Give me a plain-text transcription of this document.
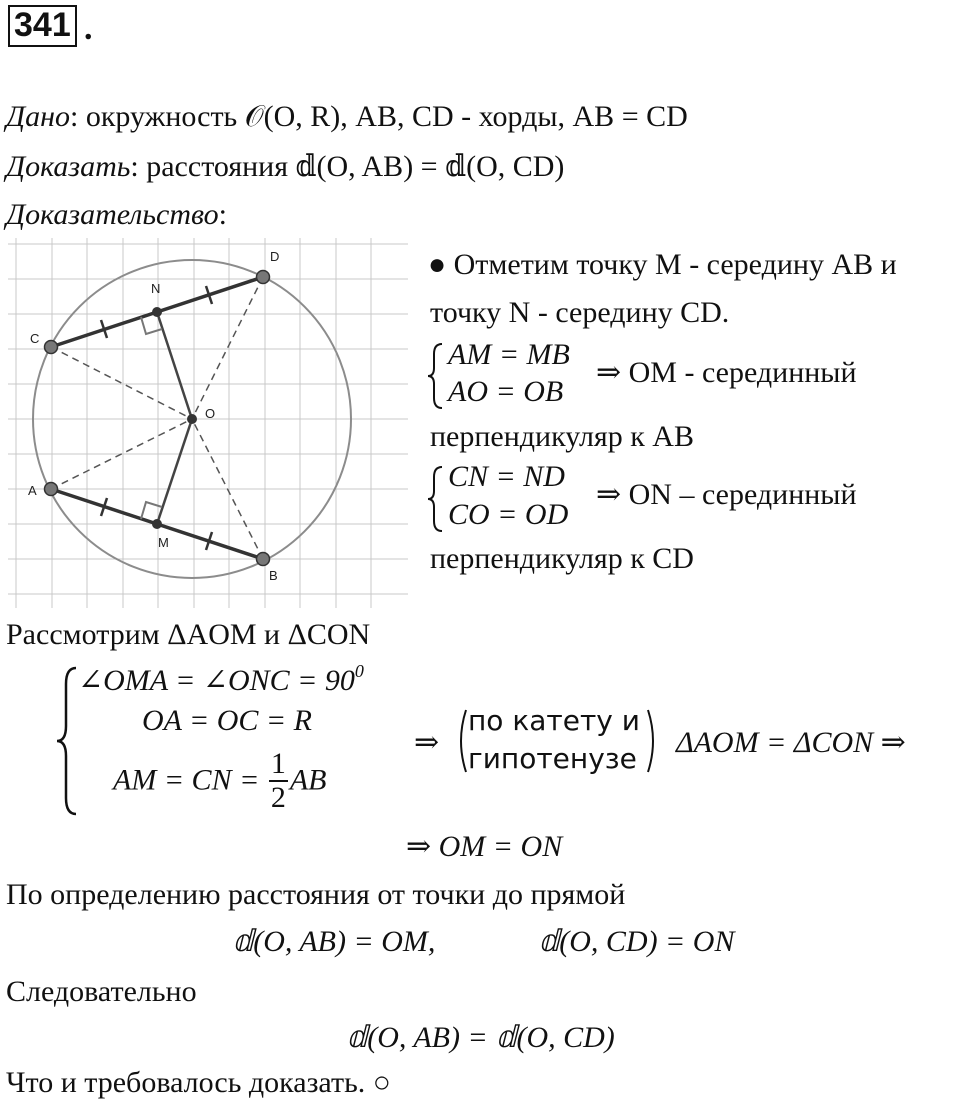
341 .
Дано: окружность 𝒪(O, R), AB, CD - хорды, AB = CD
Доказать: расстояния 𝕕(O, AB) = 𝕕(O, CD)
Доказательство:
C
D
N
O
A
M
B
● Отметим точку M - середину AB и
точку N - середину CD.
AM = MB
AO = OB
⇒ OM - серединный
перпендикуляр к AB
CN = ND
CO = OD
⇒ ON – серединный
перпендикуляр к CD
Рассмотрим ΔAOM и ΔCON
∠OMA = ∠ONC = $90^0$
OA = OC = R
AM = CN = $\frac{1}{2}$ AB
⇒
по катету и
гипотенузе ΔAOM = ΔCON ⇒
⇒ OM = ON
По определению расстояния от точки до прямой
𝕕(O, AB) = OM,	𝕕(O, CD) = ON
Следовательно
𝕕(O, AB) = 𝕕(O, CD)
Что и требовалось доказать. ○
